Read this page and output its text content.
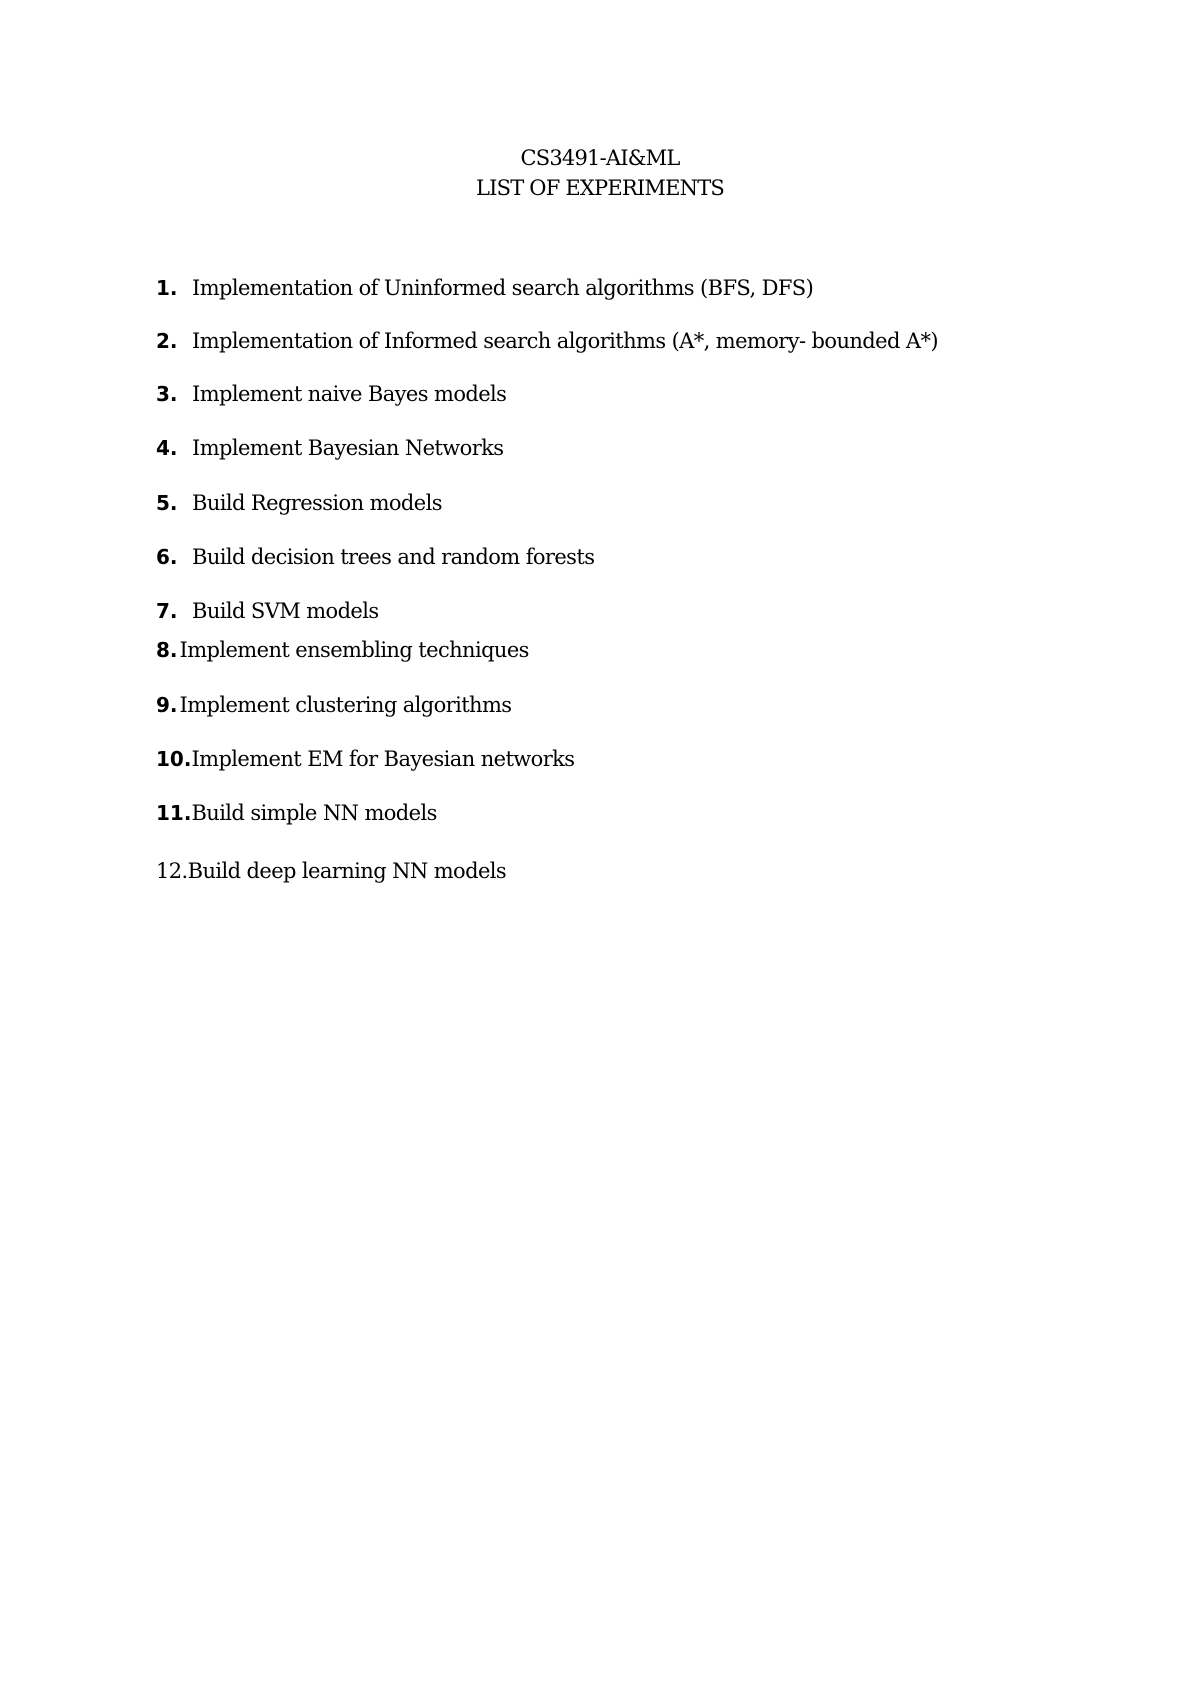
CS3491-AI&ML
LIST OF EXPERIMENTS
1. Implementation of Uninformed search algorithms (BFS, DFS)
2. Implementation of Informed search algorithms (A*, memory- bounded A*)
3. Implement naive Bayes models
4. Implement Bayesian Networks
5. Build Regression models
6. Build decision trees and random forests
7. Build SVM models
8. Implement ensembling techniques
9. Implement clustering algorithms
10. Implement EM for Bayesian networks
11. Build simple NN models
12. Build deep learning NN models
